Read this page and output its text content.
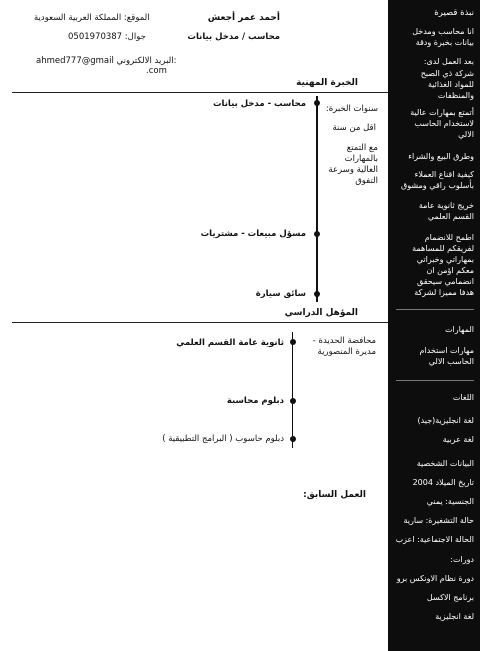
أحمد عمر أجعش
محاسب / مدخل بيانات
الموقع: المملكة العربية السعودية
جوال: 0501970387
ahmed777@gmail البريد الالكتروني:
.com
الخبرة المهنية
سنوات الخبرة:
اقل من سنة
مع التمتع
بالمهارات
العالية وسرعة
التفوق
محاسب - مدخل بيانات
مسؤل مبيعات - مشتريات
سائق سيارة
المؤهل الدراسي
محافضة الحديدة -
مديرة المنصورية
ثانوية عامة القسم العلمي
دبلوم محاسبة
دبلوم حاسوب ( البرامج التطبيقية )
العمل السابق:
نبذة قصيرة
انا محاسب ومدخل
بيانات بخبرة ودقة
بعد العمل لدى:
شركة ذي الصبح
للمواد الغذائية
والمنظفات
أتمتع بمهارات عالية
لاستخدام الحاسب
الالي
وطرق البيع والشراء
كيفية اقناع العملاء
بأسلوب راقي ومشوق
خريج ثانوية عامة
القسم العلمي
اطمح للانضمام
لفريقكم للمساهمة
بمهاراتي وخبراتي
معكم اؤمن ان
انضمامي سيحقق
هدفا مميزا لشركة
المهارات
مهارات استخدام
الحاسب الالي
اللغات
لغة انجليزية(جيد)
لغة عربية
البيانات الشخصية
تاريخ الميلاد 2004
الجنسية: يمني
حالة التشغيرة: سارية
الحالة الاجتماعية: اعزب
دورات:
دورة نظام الاونكس برو
برنامج الاكسل
لغة انجليزية
